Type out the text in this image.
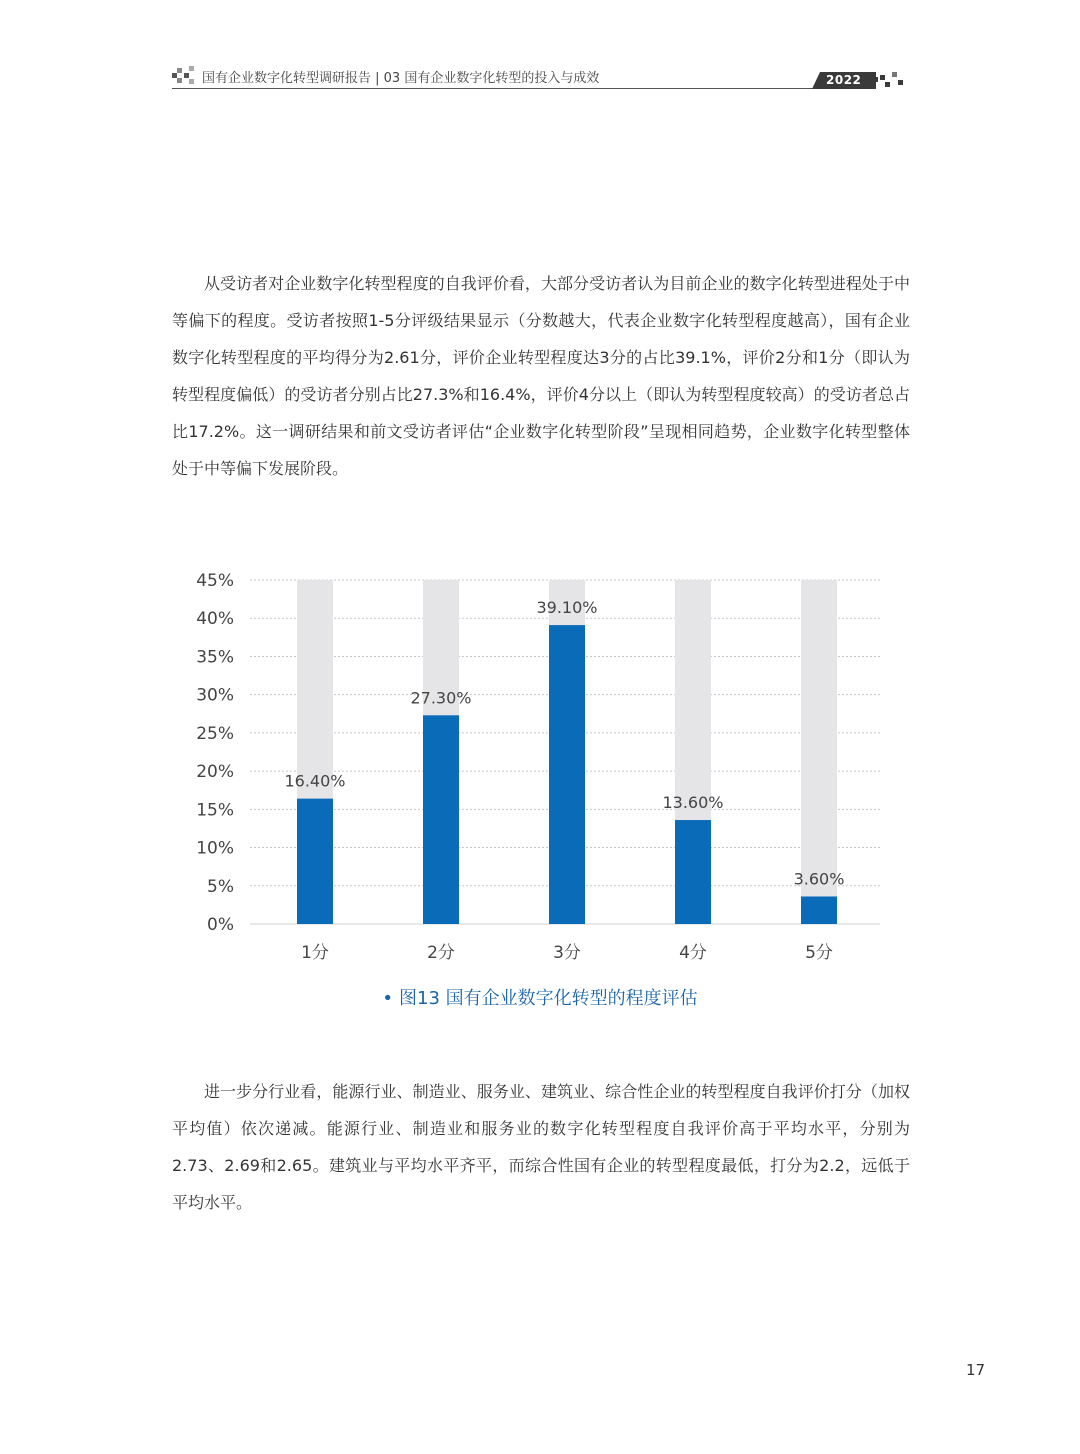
国有企业数字化转型调研报告 | 03 国有企业数字化转型的投入与成效	2022

从受访者对企业数字化转型程度的自我评价看，大部分受访者认为目前企业的数字化转型进程处于中等偏下的程度。受访者按照1-5分评级结果显示（分数越大，代表企业数字化转型程度越高），国有企业数字化转型程度的平均得分为2.61分，评价企业转型程度达3分的占比39.1%，评价2分和1分（即认为转型程度偏低）的受访者分别占比27.3%和16.4%，评价4分以上（即认为转型程度较高）的受访者总占比17.2%。这一调研结果和前文受访者评估“企业数字化转型阶段”呈现相同趋势，企业数字化转型整体处于中等偏下发展阶段。

0%
5%
10%
15%
20%
25%
30%
35%
40%
45%
16.40%
1分
27.30%
2分
39.10%
3分
13.60%
4分
3.60%
5分
• 图13 国有企业数字化转型的程度评估

进一步分行业看，能源行业、制造业、服务业、建筑业、综合性企业的转型程度自我评价打分（加权平均值）依次递减。能源行业、制造业和服务业的数字化转型程度自我评价高于平均水平，分别为2.73、2.69和2.65。建筑业与平均水平齐平，而综合性国有企业的转型程度最低，打分为2.2，远低于平均水平。

17
